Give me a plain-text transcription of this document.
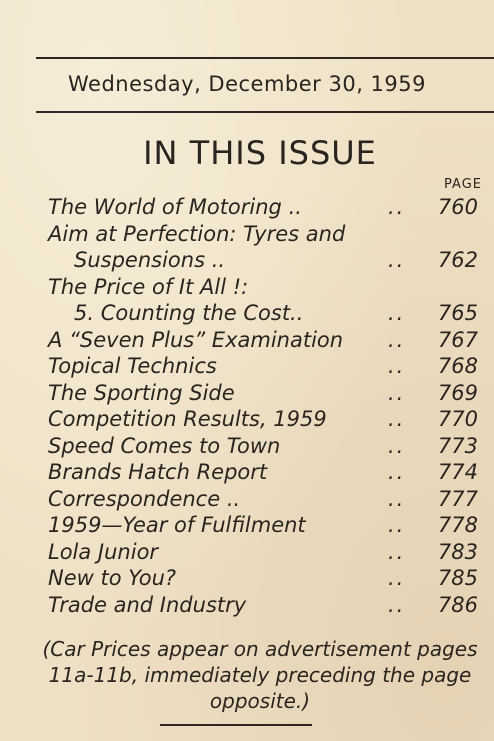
Wednesday, December 30, 1959
IN THIS ISSUE
PAGE
The World of Motoring ..	.. 760
Aim at Perfection: Tyres and
Suspensions ..	.. 762
The Price of It All !:
5. Counting the Cost..	.. 765
A “Seven Plus” Examination .. 767
Topical Technics	.. 768
The Sporting Side	.. 769
Competition Results, 1959	.. 770
Speed Comes to Town	.. 773
Brands Hatch Report	.. 774
Correspondence ..	.. 777
1959—Year of Fulfilment	.. 778
Lola Junior	.. 783
New to You?	.. 785
Trade and Industry	.. 786
(Car Prices appear on advertisement pages 11a-11b, immediately preceding the page opposite.)
